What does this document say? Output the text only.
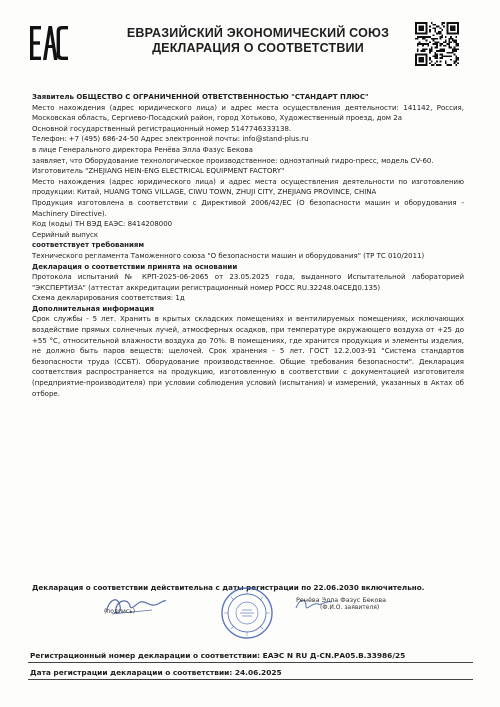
ЕВРАЗИЙСКИЙ ЭКОНОМИЧЕСКИЙ СОЮЗ
ДЕКЛАРАЦИЯ О СООТВЕТСТВИИ

Заявитель ОБЩЕСТВО С ОГРАНИЧЕННОЙ ОТВЕТСТВЕННОСТЬЮ "СТАНДАРТ ПЛЮС"

Место нахождения (адрес юридического лица) и адрес места осуществления деятельности: 141142, Россия, Московская область, Сергиево-Посадский район, город Хотьково, Художественный проезд, дом 2а

Основной государственный регистрационный номер 5147746333138.

Телефон: +7 (495) 686-24-50 Адрес электронной почты: info@stand-plus.ru

в лице Генерального директора Ренёва Элла Фазус Бекова

заявляет, что Оборудование технологическое производственное: одноэтапный гидро-пресс, модель CV-60.

Изготовитель "ZHEJIANG HEIN-ENG ELECTRICAL EQUIPMENT FACTORY"

Место нахождения (адрес юридического лица) и адрес места осуществления деятельности по изготовлению продукции: Китай, HUANG TONG VILLAGE, CIWU TOWN, ZHUJI CITY, ZHEJIANG PROVINCE, CHINA

Продукция изготовлена в соответствии с Директивой 2006/42/EC (О безопасности машин и оборудования - Machinery Directive).

Код (коды) ТН ВЭД ЕАЭС: 8414208000

Серийный выпуск

соответствует требованиям

Технического регламента Таможенного союза "О безопасности машин и оборудования" (ТР ТС 010/2011)

Декларация о соответствии принята на основании

Протокола испытаний № КРП-2025-06-2065 от 23.05.2025 года, выданного Испытательной лабораторией "ЭКСПЕРТИЗА" (аттестат аккредитации регистрационный номер РОСС RU.32248.04СЕД0.135)

Схема декларирования соответствия: 1д

Дополнительная информация

Срок службы - 5 лет. Хранить в крытых складских помещениях и вентилируемых помещениях, исключающих воздействие прямых солнечных лучей, атмосферных осадков, при температуре окружающего воздуха от +25 до +55 °С, относительной влажности воздуха до 70%. В помещениях, где хранится продукция и элементы изделия, не должно быть паров веществ: щелочей. Срок хранения - 5 лет. ГОСТ 12.2.003-91 "Система стандартов безопасности труда (ССБТ). Оборудование производственное. Общие требования безопасности". Декларация соответствия распространяется на продукцию, изготовленную в соответствии с документацией изготовителя (предприятие-производителя) при условии соблюдения условий (испытания) и измерений, указанных в Актах об отборе.

Декларация о соответствии действительна с даты регистрации по 22.06.2030 включительно.
(подпись)
Ренёва Элла Фазус Бекова
(Ф.И.О. заявителя)
Регистрационный номер декларации о соответствии: ЕАЭС N RU Д-CN.РА05.В.33986/25
Дата регистрации декларации о соответствии: 24.06.2025
